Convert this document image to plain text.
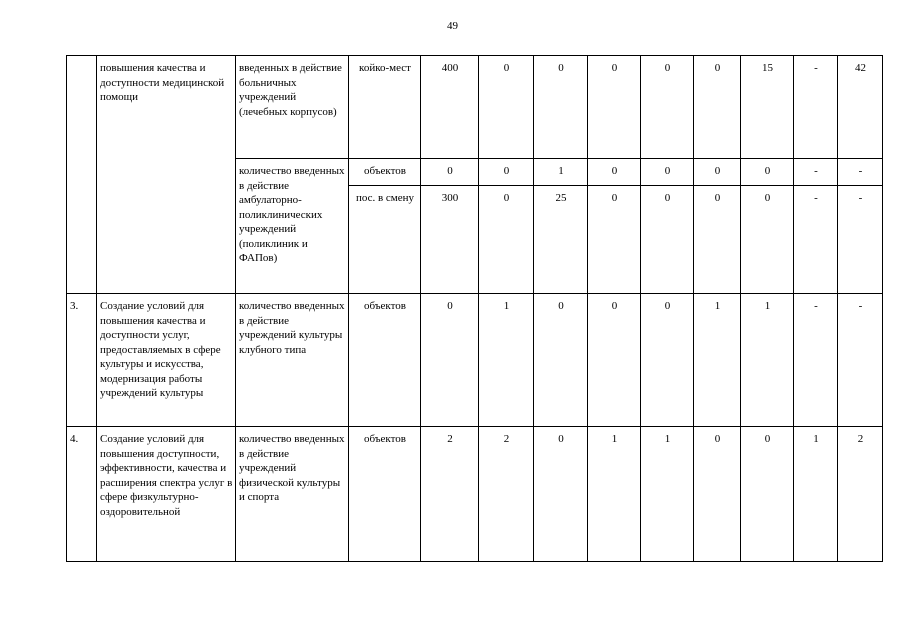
49
	повышения качества и доступности медицинской помощи	введенных в действие больничных учреждений (лечебных корпусов)	койко-мест	400	0	0	0	0	0	15	-	42
		количество введенных в действие амбулаторно-поликлинических учреждений (поликлиник и ФАПов)	объектов	0	0	1	0	0	0	0	-	-
			пос. в смену	300	0	25	0	0	0	0	-	-
3.	Создание условий для повышения качества и доступности услуг, предоставляемых в сфере культуры и искусства, модернизация работы учреждений культуры	количество введенных в действие учреждений культуры клубного типа	объектов	0	1	0	0	0	1	1	-	-
4.	Создание условий для повышения доступности, эффективности, качества и расширения спектра услуг в сфере физкультурно-оздоровительной	количество введенных в действие учреждений физической культуры и спорта	объектов	2	2	0	1	1	0	0	1	2
